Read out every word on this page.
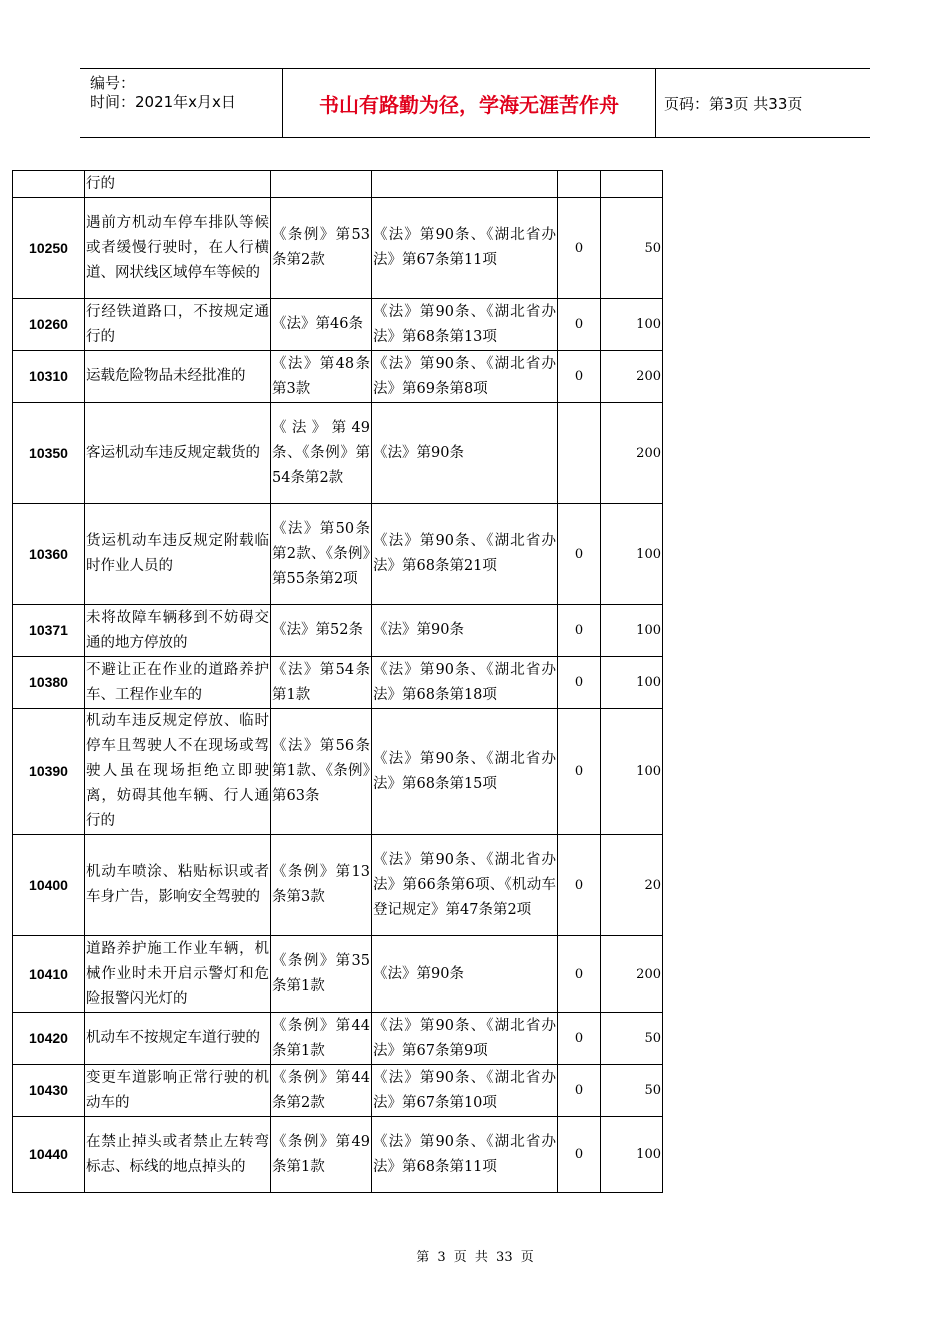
编号：
时间：2021年x月x日	书山有路勤为径，学海无涯苦作舟	页码：第3页 共33页
	行的				
10250	遇前方机动车停车排队等候或者缓慢行驶时，在人行横道、网状线区域停车等候的	《条例》第53条第2款	《法》第90条、《湖北省办法》第67条第11项	0	50
10260	行经铁道路口，不按规定通行的	《法》第46条	《法》第90条、《湖北省办法》第68条第13项	0	100
10310	运载危险物品未经批准的	《法》第48条第3款	《法》第90条、《湖北省办法》第69条第8项	0	200
10350	客运机动车违反规定载货的	《法》第49条、《条例》第54条第2款	《法》第90条		200
10360	货运机动车违反规定附载临时作业人员的	《法》第50条第2款、《条例》第55条第2项	《法》第90条、《湖北省办法》第68条第21项	0	100
10371	未将故障车辆移到不妨碍交通的地方停放的	《法》第52条	《法》第90条	0	100
10380	不避让正在作业的道路养护车、工程作业车的	《法》第54条第1款	《法》第90条、《湖北省办法》第68条第18项	0	100
10390	机动车违反规定停放、临时停车且驾驶人不在现场或驾驶人虽在现场拒绝立即驶离，妨碍其他车辆、行人通行的	《法》第56条第1款、《条例》第63条	《法》第90条、《湖北省办法》第68条第15项	0	100
10400	机动车喷涂、粘贴标识或者车身广告，影响安全驾驶的	《条例》第13条第3款	《法》第90条、《湖北省办法》第66条第6项、《机动车登记规定》第47条第2项	0	20
10410	道路养护施工作业车辆，机械作业时未开启示警灯和危险报警闪光灯的	《条例》第35条第1款	《法》第90条	0	200
10420	机动车不按规定车道行驶的	《条例》第44条第1款	《法》第90条、《湖北省办法》第67条第9项	0	50
10430	变更车道影响正常行驶的机动车的	《条例》第44条第2款	《法》第90条、《湖北省办法》第67条第10项	0	50
10440	在禁止掉头或者禁止左转弯标志、标线的地点掉头的	《条例》第49条第1款	《法》第90条、《湖北省办法》第68条第11项	0	100
第 3 页 共 33 页
